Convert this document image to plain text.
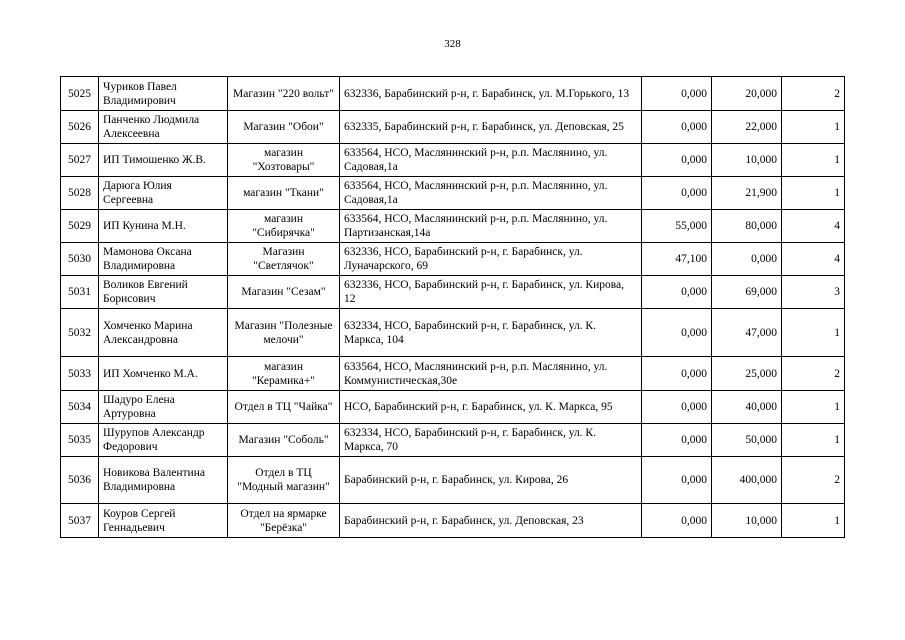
328
5025	Чуриков Павел Владимирович	Магазин "220 вольт"	632336, Барабинский р-н, г. Барабинск, ул. М.Горького, 13	0,000	20,000	2
5026	Панченко Людмила Алексеевна	Магазин "Обои"	632335, Барабинский р-н, г. Барабинск, ул. Деповская, 25	0,000	22,000	1
5027	ИП Тимошенко Ж.В.	магазин "Хозтовары"	633564, НСО, Маслянинский р-н, р.п. Маслянино, ул. Садовая,1а	0,000	10,000	1
5028	Дарюга Юлия Сергеевна	магазин "Ткани"	633564, НСО, Маслянинский р-н, р.п. Маслянино, ул. Садовая,1а	0,000	21,900	1
5029	ИП Кунина М.Н.	магазин "Сибирячка"	633564, НСО, Маслянинский р-н, р.п. Маслянино, ул. Партизанская,14а	55,000	80,000	4
5030	Мамонова Оксана Владимировна	Магазин "Светлячок"	632336, НСО, Барабинский р-н, г. Барабинск, ул. Луначарского, 69	47,100	0,000	4
5031	Воликов Евгений Борисович	Магазин "Сезам"	632336, НСО, Барабинский р-н, г. Барабинск, ул. Кирова, 12	0,000	69,000	3
5032	Хомченко Марина Александровна	Магазин "Полезные мелочи"	632334, НСО, Барабинский р-н, г. Барабинск, ул. К. Маркса, 104	0,000	47,000	1
5033	ИП Хомченко М.А.	магазин "Керамика+"	633564, НСО, Маслянинский р-н, р.п. Маслянино, ул. Коммунистическая,30е	0,000	25,000	2
5034	Шадуро Елена Артуровна	Отдел в ТЦ "Чайка"	НСО, Барабинский р-н, г. Барабинск, ул. К. Маркса, 95	0,000	40,000	1
5035	Шурупов Александр Федорович	Магазин "Соболь"	632334, НСО, Барабинский р-н, г. Барабинск, ул. К. Маркса, 70	0,000	50,000	1
5036	Новикова Валентина Владимировна	Отдел в ТЦ "Модный магазин"	Барабинский р-н, г. Барабинск, ул. Кирова, 26	0,000	400,000	2
5037	Коуров Сергей Геннадьевич	Отдел на ярмарке "Берёзка"	Барабинский р-н, г. Барабинск, ул. Деповская, 23	0,000	10,000	1
